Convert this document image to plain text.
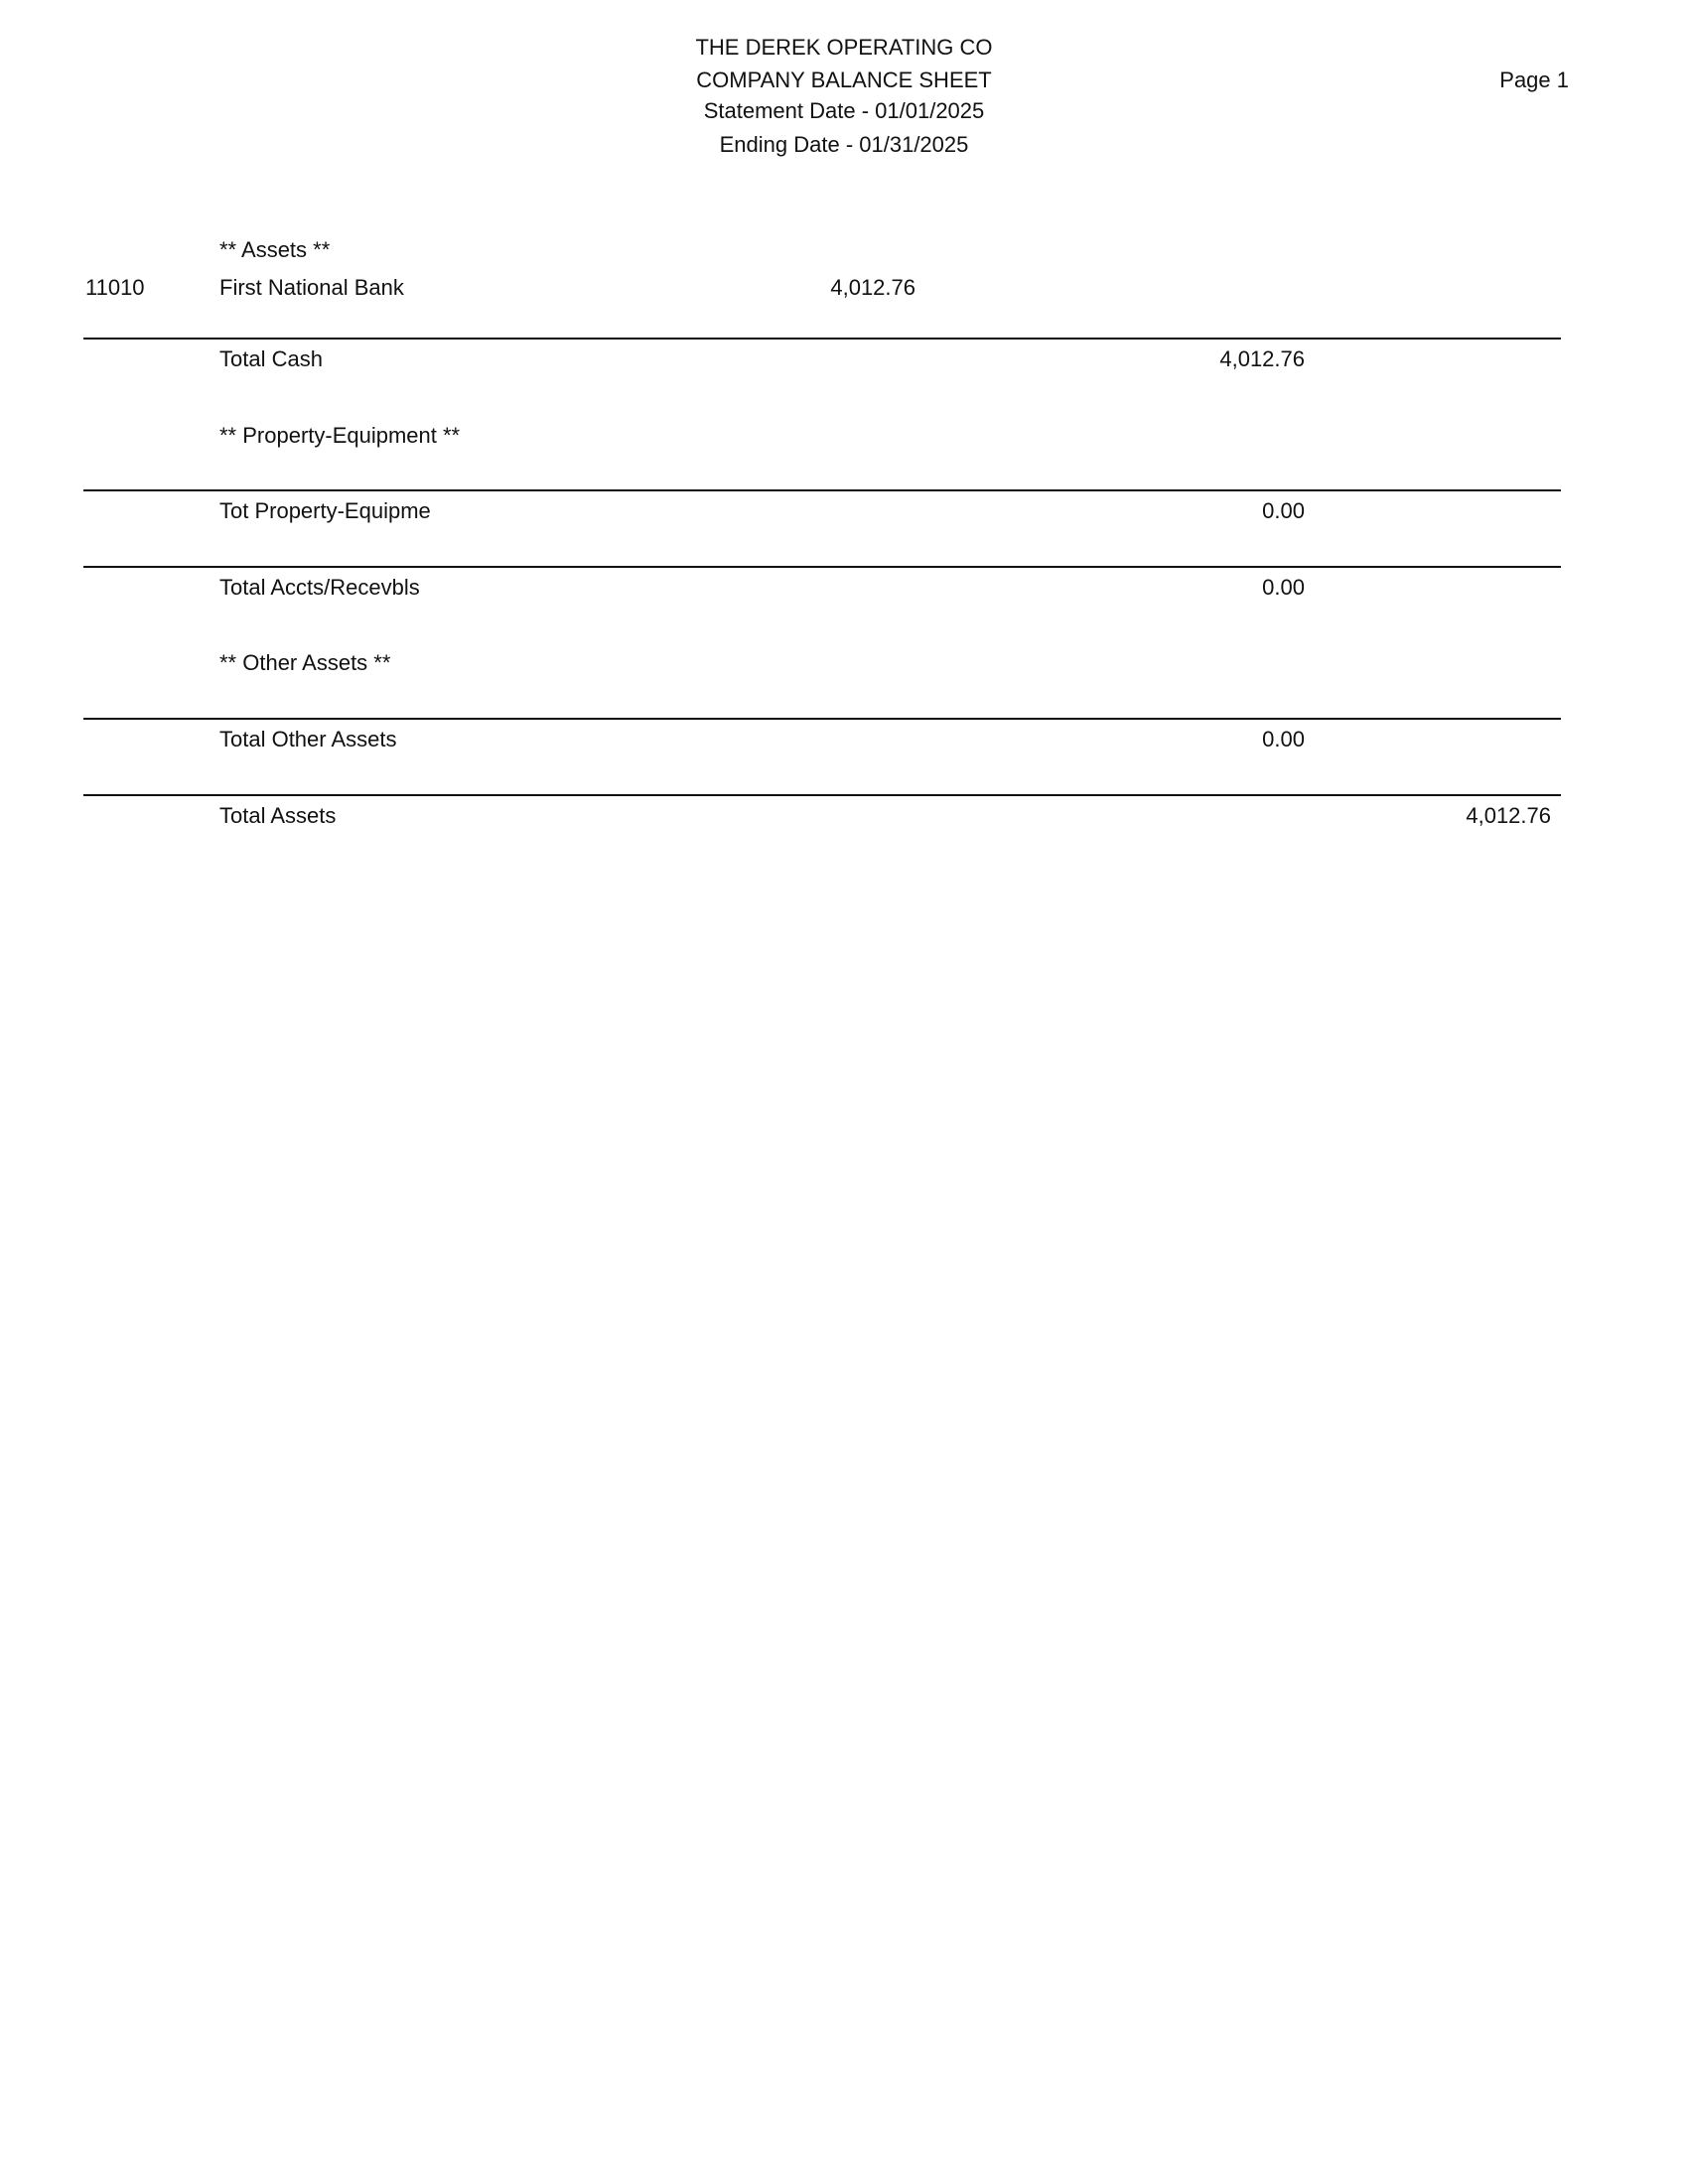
THE DEREK OPERATING CO
COMPANY BALANCE SHEET
Statement Date - 01/01/2025
Ending Date - 01/31/2025
Page 1
** Assets **
11010	First National Bank	4,012.76
Total Cash	4,012.76
** Property-Equipment **
Tot Property-Equipme	0.00
Total Accts/Recevbls	0.00
** Other Assets **
Total Other Assets	0.00
Total Assets	4,012.76
